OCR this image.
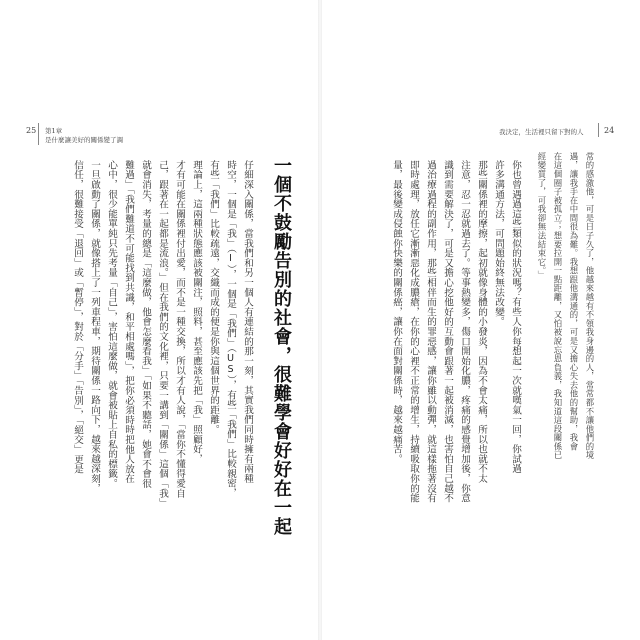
25 第1章
是什麼讓美好的關係變了調
我決定，生活裡只留下對的人	24
常的感激他，可是日子久了，他越來越有不領我身邊的人，常常都不讓他們的境
遇，讓我手在中間很為難。我想跟他溝通的，可是又擔心失去他的幫助，我會
在這個圈子被孤立；想要拉開一點距離，又怕被說忘恩負義，我知道這段關係已
經變質了，可我卻無法結束它。」
你也曾遇過這些類似的狀況嗎？有些人你每想起一次就嘆氣一回，你試過
許多溝通方法，可問題始終無法改變。
那些關係裡的摩擦，起初就像身體的小發炎，因為不會太痛，所以也就不太
注意，忍一忍就過去了。等事熱變多，傷口開始化膿，疼痛的感覺增加後，你意
識到需要解決了，可是又擔心挖他好的互動會跟著一起被消滅，也害怕自己越不
過治療過程的副作用，那些相伴而生的罪惡感，讓你雖以動彈，就這樣拖著沒有
即時處理，放任它漸漸惡化成膿瘡，在你的心裡不正常的增生，持續吸取你的能
量，最後變成侵蝕你快樂的關係癌，讓你在面對關係時，越來越痛苦。
一個不鼓勵告別的社會，很難學會好好在一起
仔細深入關係，當我們和另一個人有連結的那一刻，其實我們同時擁有兩種
時空，一個是「我」（I），一個是「我們」（US），有些「我們」比較親密，
有些「我們」比較疏遠，交織而成的便是你與這個世界的距離。
理論上，這兩種狀態應該被關注，照料，甚至應該先把「我」照顧好，
才有可能在關係裡付出愛，而不是一種交換，所以才有人說，「當你不懂得愛自
己，跟著在一起都是流浪。」但在我們的文化裡，只要一講到「關係」這個「我」
就會消失，考量的總是「這麼做，他會怎麼看我」「如果不聽話，她會不會很
難過」「我們難道不可能找到共識，和平相處嗎」，把你必須時時把他人放在
心中，很少能單純只先考量「自己」，害怕這麼做，就會被貼上自私的標籤。
一旦啟動了關係，就像搭上了一列車程車，期待關係一路向下，越來越深刻，
信任，很難接受「退回」或「暫停」，對於「分手」「告別」，「絕交」更是
